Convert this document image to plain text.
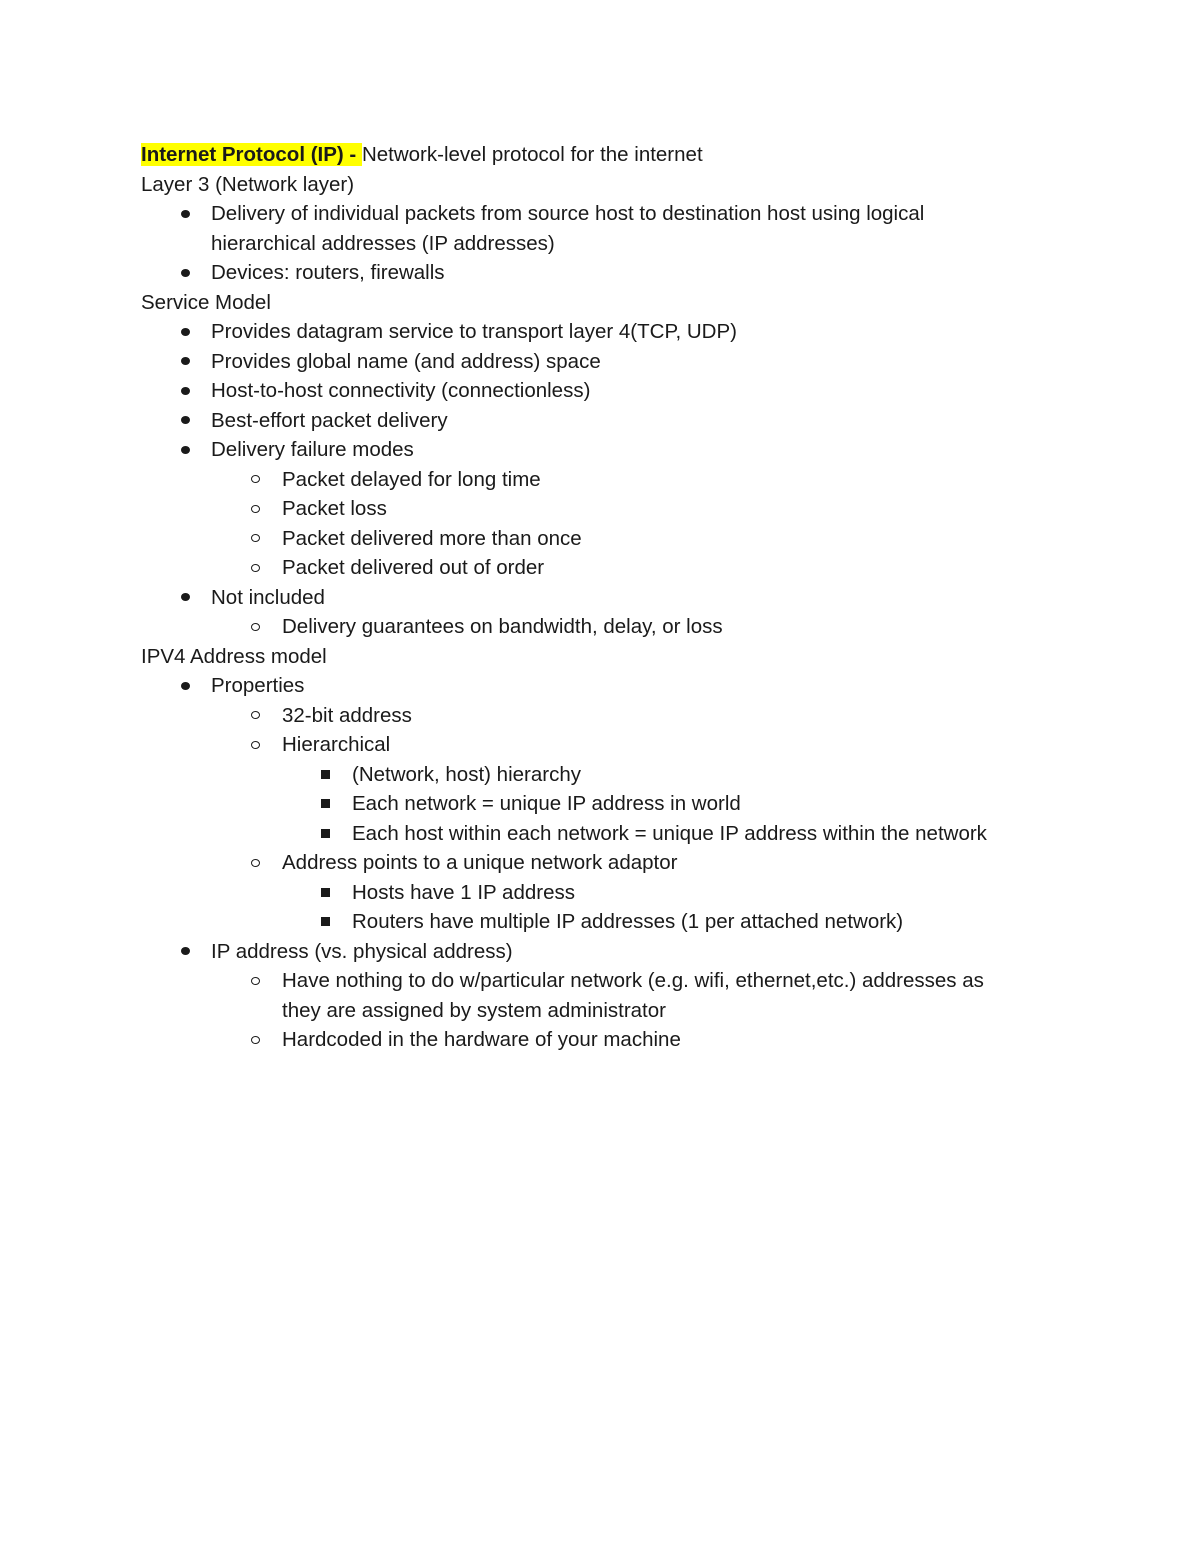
Internet Protocol (IP) - Network-level protocol for the internet
Layer 3 (Network layer)
Delivery of individual packets from source host to destination host using logical
hierarchical addresses (IP addresses)
Devices: routers, firewalls
Service Model
Provides datagram service to transport layer 4(TCP, UDP)
Provides global name (and address) space
Host-to-host connectivity (connectionless)
Best-effort packet delivery
Delivery failure modes
Packet delayed for long time
Packet loss
Packet delivered more than once
Packet delivered out of order
Not included
Delivery guarantees on bandwidth, delay, or loss
IPV4 Address model
Properties
32-bit address
Hierarchical
(Network, host) hierarchy
Each network = unique IP address in world
Each host within each network = unique IP address within the network
Address points to a unique network adaptor
Hosts have 1 IP address
Routers have multiple IP addresses (1 per attached network)
IP address (vs. physical address)
Have nothing to do w/particular network (e.g. wifi, ethernet,etc.) addresses as
they are assigned by system administrator
Hardcoded in the hardware of your machine
